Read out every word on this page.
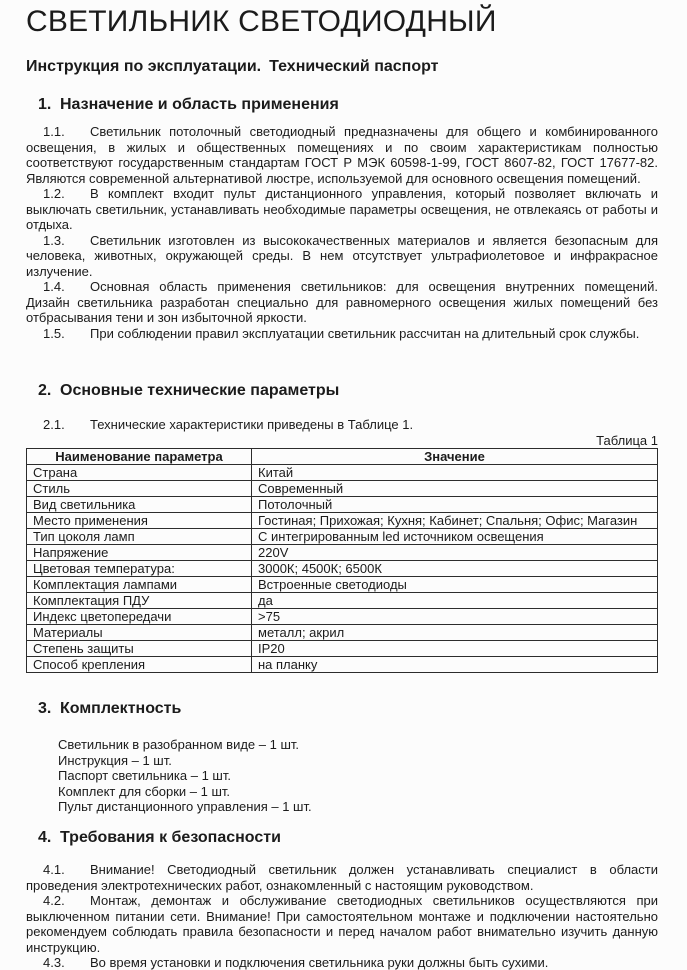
СВЕТИЛЬНИК СВЕТОДИОДНЫЙ
Инструкция по эксплуатации. Технический паспорт
1. Назначение и область применения

1.1. Светильник потолочный светодиодный предназначены для общего и комбинированного освещения, в жилых и общественных помещениях и по своим характеристикам полностью соответствуют государственным стандартам ГОСТ Р МЭК 60598-1-99, ГОСТ 8607-82, ГОСТ 17677-82. Являются современной альтернативой люстре, используемой для основного освещения помещений.

1.2. В комплект входит пульт дистанционного управления, который позволяет включать и выключать светильник, устанавливать необходимые параметры освещения, не отвлекаясь от работы и отдыха.

1.3. Светильник изготовлен из высококачественных материалов и является безопасным для человека, животных, окружающей среды. В нем отсутствует ультрафиолетовое и инфракрасное излучение.

1.4. Основная область применения светильников: для освещения внутренних помещений. Дизайн светильника разработан специально для равномерного освещения жилых помещений без отбрасывания тени и зон избыточной яркости.

1.5. При соблюдении правил эксплуатации светильник рассчитан на длительный срок службы.

2. Основные технические параметры

2.1. Технические характеристики приведены в Таблице 1.

Таблица 1

Наименование параметра	Значение
Страна	Китай
Стиль	Современный
Вид светильника	Потолочный
Место применения	Гостиная; Прихожая; Кухня; Кабинет; Спальня; Офис; Магазин
Тип цоколя ламп	С интегрированным led источником освещения
Напряжение	220V
Цветовая температура:	3000К; 4500К; 6500К
Комплектация лампами	Встроенные светодиоды
Комплектация ПДУ	да
Индекс цветопередачи	>75
Материалы	металл; акрил
Степень защиты	IP20
Способ крепления	на планку
3. Комплектность
Светильник в разобранном виде – 1 шт.
Инструкция – 1 шт.
Паспорт светильника – 1 шт.
Комплект для сборки – 1 шт.
Пульт дистанционного управления – 1 шт.
4. Требования к безопасности

4.1. Внимание! Светодиодный светильник должен устанавливать специалист в области проведения электротехнических работ, ознакомленный с настоящим руководством.

4.2. Монтаж, демонтаж и обслуживание светодиодных светильников осуществляются при выключенном питании сети. Внимание! При самостоятельном монтаже и подключении настоятельно рекомендуем соблюдать правила безопасности и перед началом работ внимательно изучить данную инструкцию.

4.3. Во время установки и подключения светильника руки должны быть сухими.
